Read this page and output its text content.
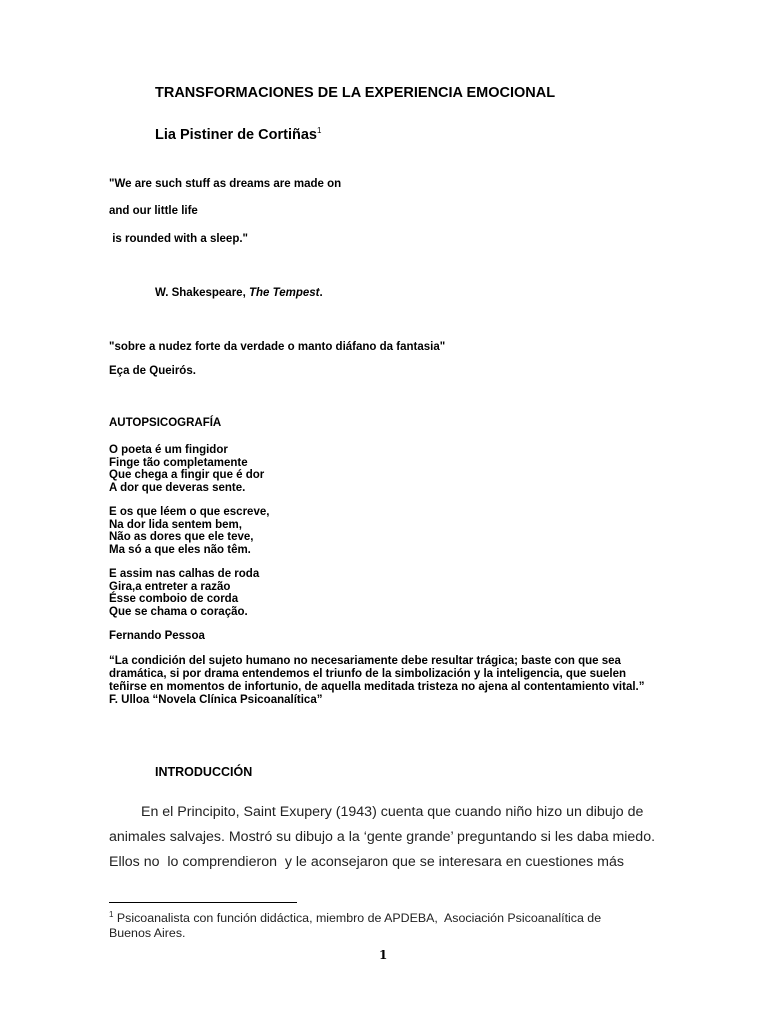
TRANSFORMACIONES DE LA EXPERIENCIA EMOCIONAL
Lia Pistiner de Cortiñas$^1$
"We are such stuff as dreams are made on
and our little life
is rounded with a sleep."
W. Shakespeare, The Tempest.
"sobre a nudez forte da verdade o manto diáfano da fantasia"
Eça de Queirós.
AUTOPSICOGRAFÍA
O poeta é um fingidor
Finge tão completamente
Que chega a fingir que é dor
A dor que deveras sente.
E os que léem o que escreve,
Na dor lida sentem bem,
Não as dores que ele teve,
Ma só a que eles não têm.
E assim nas calhas de roda
Gira,a entreter a razão
Ésse comboio de corda
Que se chama o coração.
Fernando Pessoa
“La condición del sujeto humano no necesariamente debe resultar trágica; baste con que sea
dramática, si por drama entendemos el triunfo de la simbolización y la inteligencia, que suelen
teñirse en momentos de infortunio, de aquella meditada tristeza no ajena al contentamiento vital.”
F. Ulloa “Novela Clínica Psicoanalítica”
INTRODUCCIÓN
En el Principito, Saint Exupery (1943) cuenta que cuando niño hizo un dibujo de
animales salvajes. Mostró su dibujo a la ‘gente grande’ preguntando si les daba miedo.
Ellos no  lo comprendieron  y le aconsejaron que se interesara en cuestiones más
$^1$ Psicoanalista con función didáctica, miembro de APDEBA,  Asociación Psicoanalítica de
Buenos Aires.
1
